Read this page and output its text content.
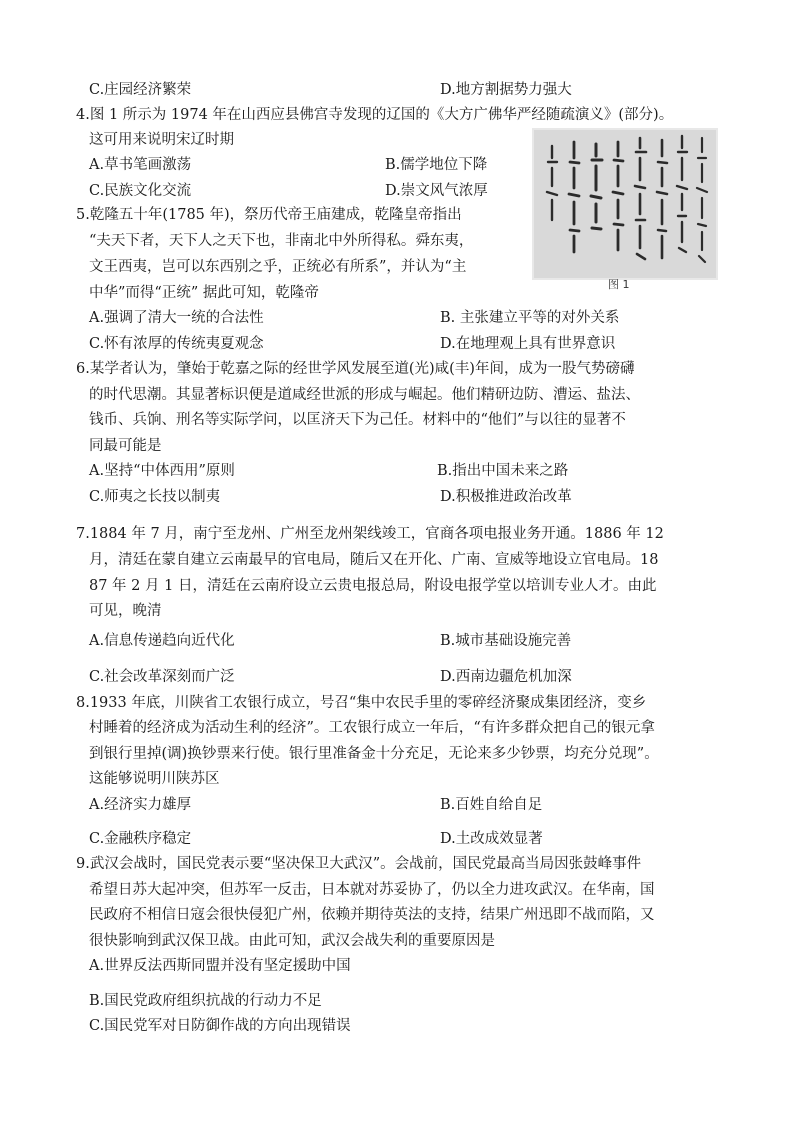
C.庄园经济繁荣	D.地方割据势力强大
4.图 1 所示为 1974 年在山西应县佛宫寺发现的辽国的《大方广佛华严经随疏演义》(部分)。
这可用来说明宋辽时期
A.草书笔画激荡	B.儒学地位下降
C.民族文化交流	D.崇文风气浓厚
图 1
5.乾隆五十年(1785 年)，祭历代帝王庙建成，乾隆皇帝指出
“夫天下者，天下人之天下也，非南北中外所得私。舜东夷，
文王西夷，岂可以东西别之乎，正统必有所系”，并认为“主
中华”而得“正统” 据此可知，乾隆帝
A.强调了清大一统的合法性	B. 主张建立平等的对外关系
C.怀有浓厚的传统夷夏观念	D.在地理观上具有世界意识
6.某学者认为，肇始于乾嘉之际的经世学风发展至道(光)咸(丰)年间，成为一股气势磅礴
的时代思潮。其显著标识便是道咸经世派的形成与崛起。他们精研边防、漕运、盐法、
钱币、兵饷、刑名等实际学问，以匡济天下为己任。材料中的“他们”与以往的显著不
同最可能是
A.坚持“中体西用”原则	B.指出中国未来之路
C.师夷之长技以制夷	D.积极推进政治改革
7.1884 年 7 月，南宁至龙州、广州至龙州架线竣工，官商各项电报业务开通。1886 年 12
月，清廷在蒙自建立云南最早的官电局，随后又在开化、广南、宣威等地设立官电局。18
87 年 2 月 1 日，清廷在云南府设立云贵电报总局，附设电报学堂以培训专业人才。由此
可见，晚清
A.信息传递趋向近代化	B.城市基础设施完善
C.社会改革深刻而广泛	D.西南边疆危机加深
8.1933 年底，川陕省工农银行成立，号召“集中农民手里的零碎经济聚成集团经济，变乡
村睡着的经济成为活动生利的经济”。工农银行成立一年后，“有许多群众把自己的银元拿
到银行里掉(调)换钞票来行使。银行里准备金十分充足，无论来多少钞票，均充分兑现”。
这能够说明川陕苏区
A.经济实力雄厚	B.百姓自给自足
C.金融秩序稳定	D.土改成效显著
9.武汉会战时，国民党表示要“坚决保卫大武汉”。会战前，国民党最高当局因张鼓峰事件
希望日苏大起冲突，但苏军一反击，日本就对苏妥协了，仍以全力进攻武汉。在华南，国
民政府不相信日寇会很快侵犯广州，依赖并期待英法的支持，结果广州迅即不战而陷，又
很快影响到武汉保卫战。由此可知，武汉会战失利的重要原因是
A.世界反法西斯同盟并没有坚定援助中国
B.国民党政府组织抗战的行动力不足
C.国民党军对日防御作战的方向出现错误
